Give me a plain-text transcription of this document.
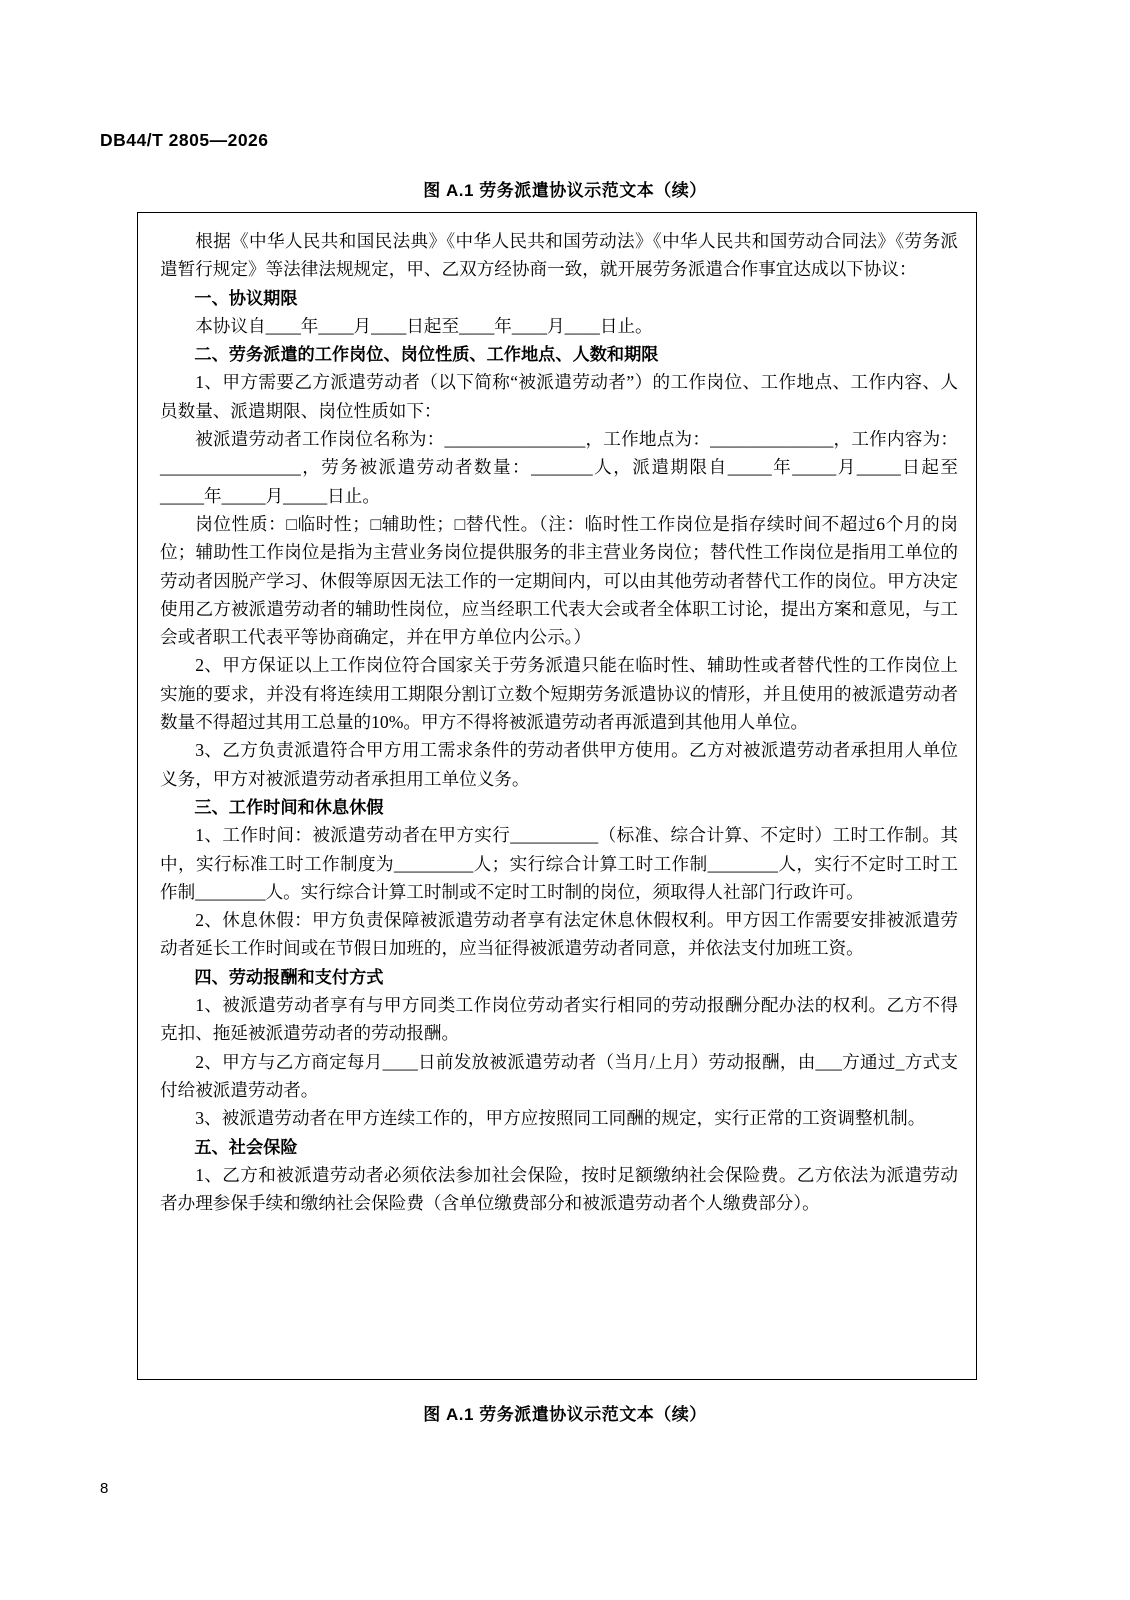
DB44/T 2805—2026
图 A.1 劳务派遣协议示范文本（续）

根据《中华人民共和国民法典》《中华人民共和国劳动法》《中华人民共和国劳动合同法》《劳务派遣暂行规定》等法律法规规定，甲、乙双方经协商一致，就开展劳务派遣合作事宜达成以下协议：

一、协议期限

本协议自____年____月____日起至____年____月____日止。

二、劳务派遣的工作岗位、岗位性质、工作地点、人数和期限

1、甲方需要乙方派遣劳动者（以下简称“被派遣劳动者”）的工作岗位、工作地点、工作内容、人员数量、派遣期限、岗位性质如下：

被派遣劳动者工作岗位名称为：________________，工作地点为：______________，工作内容为：________________，劳务被派遣劳动者数量：_______人，派遣期限自_____年_____月_____日起至_____年_____月_____日止。

岗位性质：□临时性；□辅助性；□替代性。（注：临时性工作岗位是指存续时间不超过6个月的岗位；辅助性工作岗位是指为主营业务岗位提供服务的非主营业务岗位；替代性工作岗位是指用工单位的劳动者因脱产学习、休假等原因无法工作的一定期间内，可以由其他劳动者替代工作的岗位。甲方决定使用乙方被派遣劳动者的辅助性岗位，应当经职工代表大会或者全体职工讨论，提出方案和意见，与工会或者职工代表平等协商确定，并在甲方单位内公示。）

2、甲方保证以上工作岗位符合国家关于劳务派遣只能在临时性、辅助性或者替代性的工作岗位上实施的要求，并没有将连续用工期限分割订立数个短期劳务派遣协议的情形，并且使用的被派遣劳动者数量不得超过其用工总量的10%。甲方不得将被派遣劳动者再派遣到其他用人单位。

3、乙方负责派遣符合甲方用工需求条件的劳动者供甲方使用。乙方对被派遣劳动者承担用人单位义务，甲方对被派遣劳动者承担用工单位义务。

三、工作时间和休息休假

1、工作时间：被派遣劳动者在甲方实行__________（标准、综合计算、不定时）工时工作制。其中，实行标准工时工作制度为_________人；实行综合计算工时工作制________人，实行不定时工时工作制________人。实行综合计算工时制或不定时工时制的岗位，须取得人社部门行政许可。

2、休息休假：甲方负责保障被派遣劳动者享有法定休息休假权利。甲方因工作需要安排被派遣劳动者延长工作时间或在节假日加班的，应当征得被派遣劳动者同意，并依法支付加班工资。

四、劳动报酬和支付方式

1、被派遣劳动者享有与甲方同类工作岗位劳动者实行相同的劳动报酬分配办法的权利。乙方不得克扣、拖延被派遣劳动者的劳动报酬。

2、甲方与乙方商定每月____日前发放被派遣劳动者（当月/上月）劳动报酬，由___方通过_方式支付给被派遣劳动者。

3、被派遣劳动者在甲方连续工作的，甲方应按照同工同酬的规定，实行正常的工资调整机制。

五、社会保险

1、乙方和被派遣劳动者必须依法参加社会保险，按时足额缴纳社会保险费。乙方依法为派遣劳动者办理参保手续和缴纳社会保险费（含单位缴费部分和被派遣劳动者个人缴费部分）。

图 A.1 劳务派遣协议示范文本（续）
8
